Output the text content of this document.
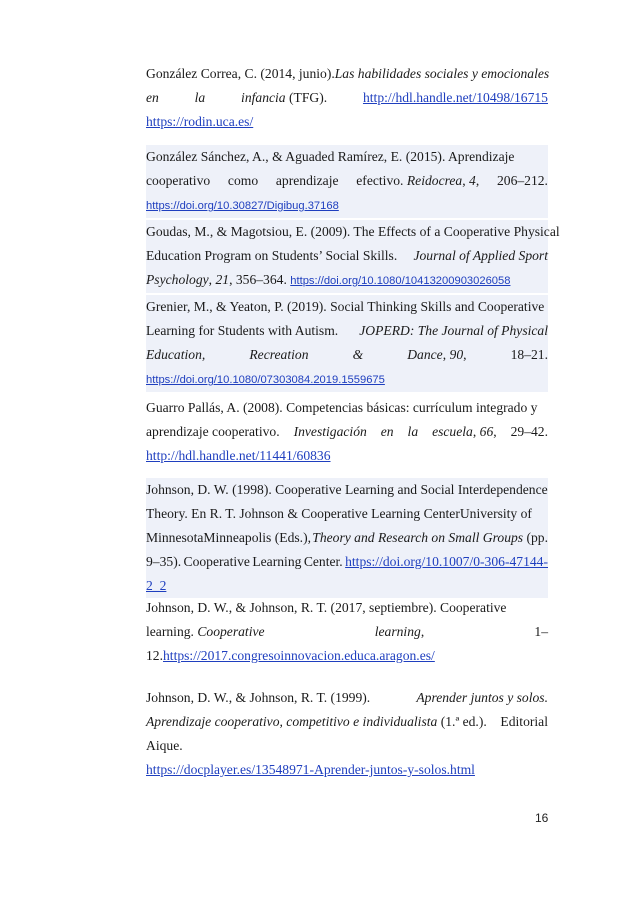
González Correa, C. (2014, junio). Las habilidades sociales y emocionales
en	la	infancia (TFG).	http://hdl.handle.net/10498/16715
https://rodin.uca.es/
González Sánchez, A., & Aguaded Ramírez, E. (2015). Aprendizaje
cooperativo como aprendizaje efectivo. Reidocrea, 4, 206–212.
https://doi.org/10.30827/Digibug.37168
Goudas, M., & Magotsiou, E. (2009). The Effects of a Cooperative Physical
Education Program on Students’ Social Skills. Journal of Applied Sport
Psychology, 21, 356–364. https://doi.org/10.1080/10413200903026058
Grenier, M., & Yeaton, P. (2019). Social Thinking Skills and Cooperative
Learning for Students with Autism. JOPERD: The Journal of Physical
Education,	Recreation	&	Dance, 90,	18–21.
https://doi.org/10.1080/07303084.2019.1559675
Guarro Pallás, A. (2008). Competencias básicas: currículum integrado y
aprendizaje cooperativo. Investigación en la escuela, 66, 29–42.
http://hdl.handle.net/11441/60836
Johnson, D. W. (1998). Cooperative Learning and Social Interdependence
Theory. En R. T. Johnson & Cooperative Learning CenterUniversity of
MinnesotaMinneapolis (Eds.), Theory and Research on Small Groups (pp.
9–35). Cooperative Learning Center. https://doi.org/10.1007/0-306-47144-
2_2
Johnson, D. W., & Johnson, R. T. (2017, septiembre). Cooperative
learning. Cooperative	learning,	1–
12.https://2017.congresoinnovacion.educa.aragon.es/
Johnson, D. W., & Johnson, R. T. (1999).	Aprender juntos y solos.
Aprendizaje cooperativo, competitivo e individualista (1.ª ed.). Editorial
Aique.
https://docplayer.es/13548971-Aprender-juntos-y-solos.html
16
